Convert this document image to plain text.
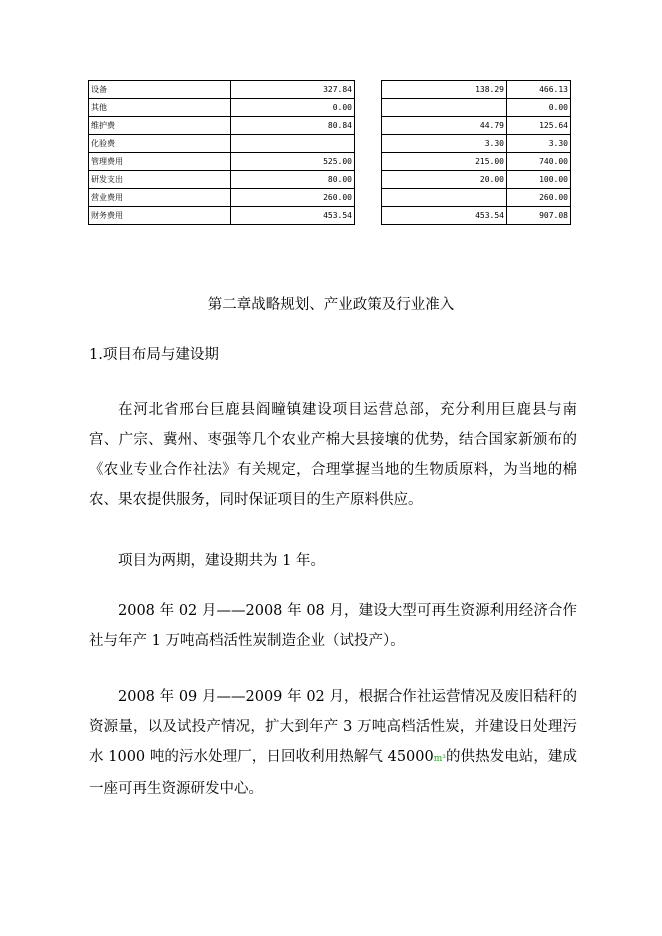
设备	327.84		138.29	466.13
其他	0.00			0.00
维护费	80.84		44.79	125.64
化验费			3.30	3.30
管理费用	525.00		215.00	740.00
研发支出	80.00		20.00	100.00
营业费用	260.00			260.00
财务费用	453.54		453.54	907.08
第二章战略规划、产业政策及行业准入
1.项目布局与建设期

在河北省邢台巨鹿县阎疃镇建设项目运营总部，充分利用巨鹿县与南宫、广宗、冀州、枣强等几个农业产棉大县接壤的优势，结合国家新颁布的《农业专业合作社法》有关规定，合理掌握当地的生物质原料，为当地的棉农、果农提供服务，同时保证项目的生产原料供应。

项目为两期，建设期共为 1 年。

2008 年 02 月——2008 年 08 月，建设大型可再生资源利用经济合作社与年产 1 万吨高档活性炭制造企业（试投产）。

2008 年 09 月——2009 年 02 月，根据合作社运营情况及废旧秸秆的资源量，以及试投产情况，扩大到年产 3 万吨高档活性炭，并建设日处理污水 1000 吨的污水处理厂，日回收利用热解气 45000m³的供热发电站，建成一座可再生资源研发中心。
